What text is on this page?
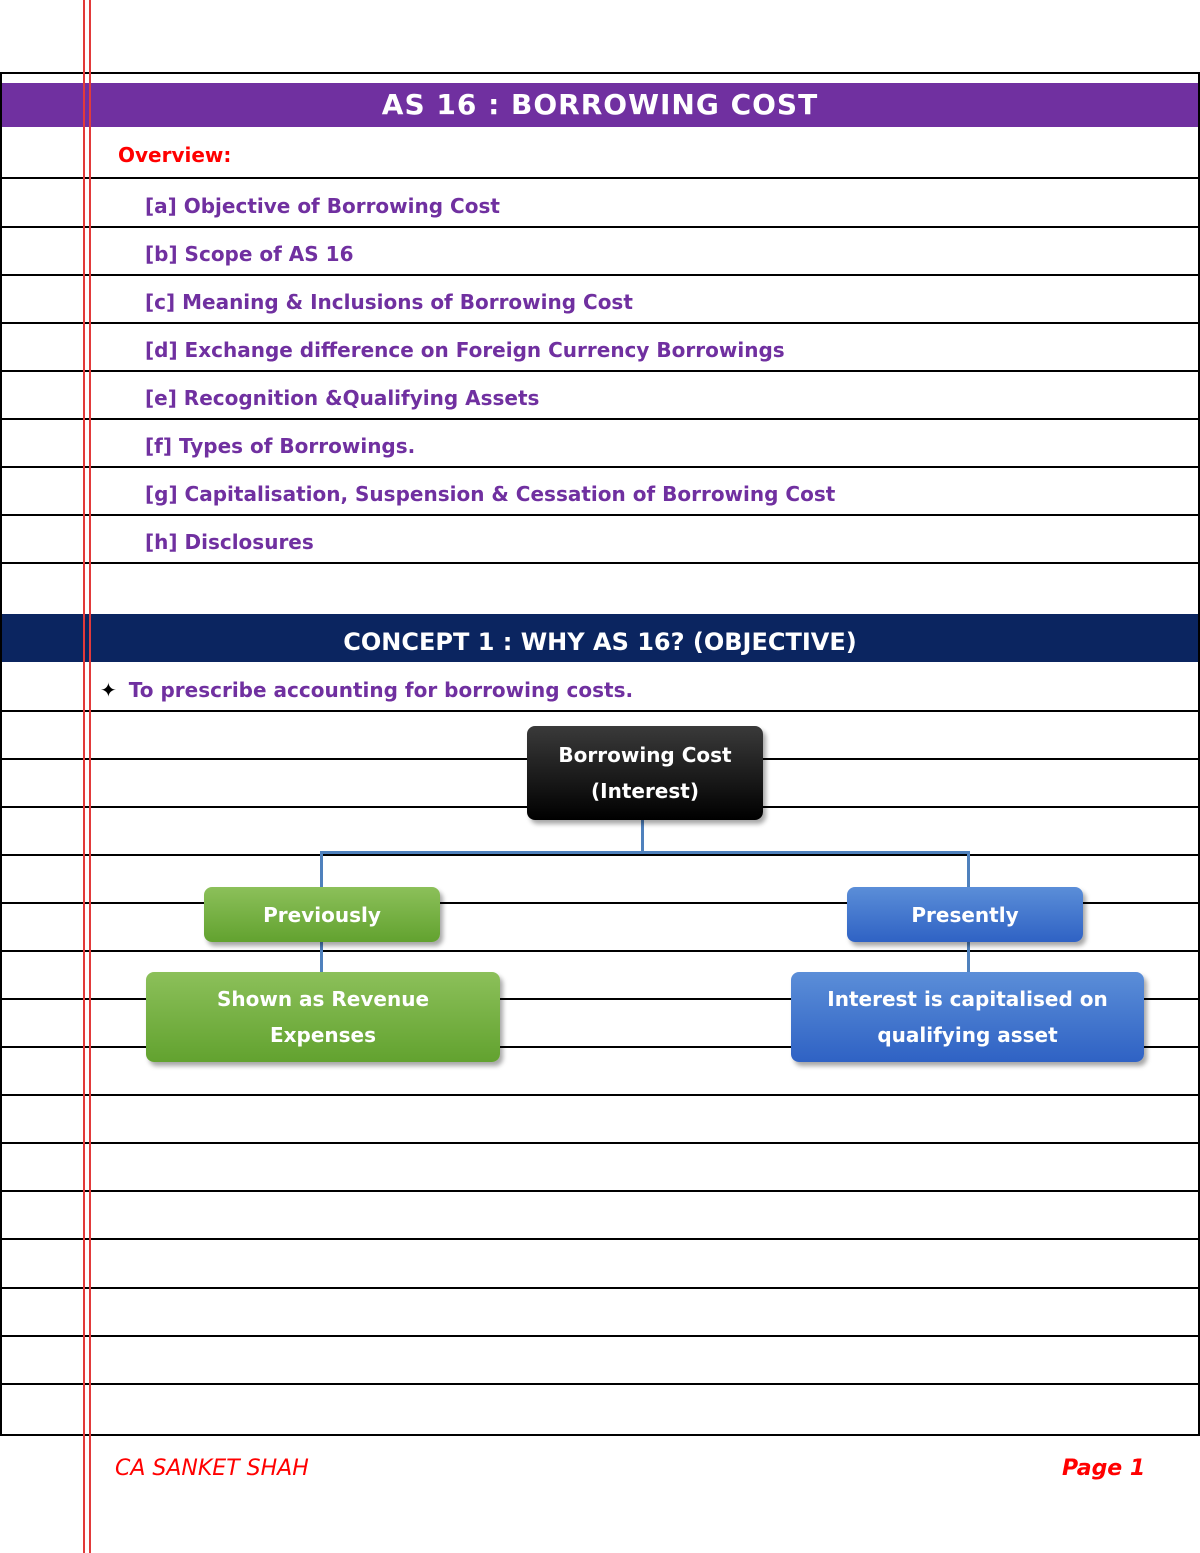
AS 16 : BORROWING COST
Overview:
[a] Objective of Borrowing Cost
[b] Scope of AS 16
[c] Meaning & Inclusions of Borrowing Cost
[d] Exchange difference on Foreign Currency Borrowings
[e] Recognition &Qualifying Assets
[f] Types of Borrowings.
[g] Capitalisation, Suspension & Cessation of Borrowing Cost
[h] Disclosures
CONCEPT 1 : WHY AS 16? (OBJECTIVE)
✦ To prescribe accounting for borrowing costs.
Borrowing Cost
(Interest)
Previously	Presently
Shown as Revenue
Expenses
Interest is capitalised on
qualifying asset
CA SANKET SHAH	Page 1
